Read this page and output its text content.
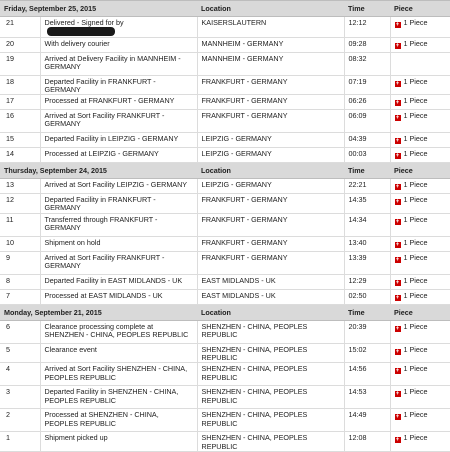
Friday, September 25, 2015		Location	Time	Piece
21	Delivered - Signed for by	KAISERSLAUTERN	12:12	+ 1 Piece
20	With delivery courier	MANNHEIM - GERMANY	09:28	+ 1 Piece
19	Arrived at Delivery Facility in MANNHEIM - GERMANY	MANNHEIM - GERMANY	08:32	
18	Departed Facility in FRANKFURT - GERMANY	FRANKFURT - GERMANY	07:19	+ 1 Piece
17	Processed at FRANKFURT - GERMANY	FRANKFURT - GERMANY	06:26	+ 1 Piece
16	Arrived at Sort Facility FRANKFURT - GERMANY	FRANKFURT - GERMANY	06:09	+ 1 Piece
15	Departed Facility in LEIPZIG - GERMANY	LEIPZIG - GERMANY	04:39	+ 1 Piece
14	Processed at LEIPZIG - GERMANY	LEIPZIG - GERMANY	00:03	+ 1 Piece
Thursday, September 24, 2015		Location	Time	Piece
13	Arrived at Sort Facility LEIPZIG - GERMANY	LEIPZIG - GERMANY	22:21	+ 1 Piece
12	Departed Facility in FRANKFURT - GERMANY	FRANKFURT - GERMANY	14:35	+ 1 Piece
11	Transferred through FRANKFURT - GERMANY	FRANKFURT - GERMANY	14:34	+ 1 Piece
10	Shipment on hold	FRANKFURT - GERMANY	13:40	+ 1 Piece
9	Arrived at Sort Facility FRANKFURT - GERMANY	FRANKFURT - GERMANY	13:39	+ 1 Piece
8	Departed Facility in EAST MIDLANDS - UK	EAST MIDLANDS - UK	12:29	+ 1 Piece
7	Processed at EAST MIDLANDS - UK	EAST MIDLANDS - UK	02:50	+ 1 Piece
Monday, September 21, 2015		Location	Time	Piece
6	Clearance processing complete at SHENZHEN - CHINA, PEOPLES REPUBLIC	SHENZHEN - CHINA, PEOPLES REPUBLIC	20:39	+ 1 Piece
5	Clearance event	SHENZHEN - CHINA, PEOPLES REPUBLIC	15:02	+ 1 Piece
4	Arrived at Sort Facility SHENZHEN - CHINA, PEOPLES REPUBLIC	SHENZHEN - CHINA, PEOPLES REPUBLIC	14:56	+ 1 Piece
3	Departed Facility in SHENZHEN - CHINA, PEOPLES REPUBLIC	SHENZHEN - CHINA, PEOPLES REPUBLIC	14:53	+ 1 Piece
2	Processed at SHENZHEN - CHINA, PEOPLES REPUBLIC	SHENZHEN - CHINA, PEOPLES REPUBLIC	14:49	+ 1 Piece
1	Shipment picked up	SHENZHEN - CHINA, PEOPLES REPUBLIC	12:08	+ 1 Piece
